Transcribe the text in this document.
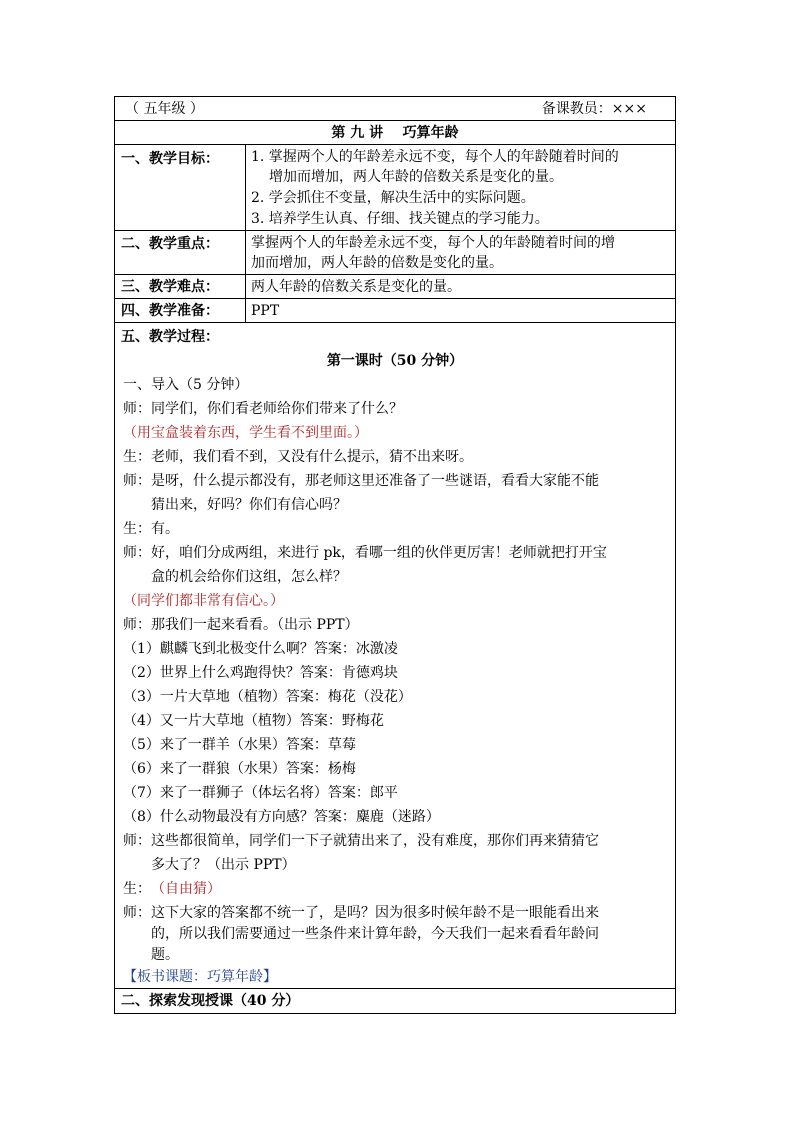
（ 五年级 ）	备课教员：×××
第 九 讲    巧算年龄
一、教学目标： 1. 掌握两个人的年龄差永远不变，每个人的年龄随着时间的
增加而增加，两人年龄的倍数关系是变化的量。
2. 学会抓住不变量，解决生活中的实际问题。
3. 培养学生认真、仔细、找关键点的学习能力。
二、教学重点： 掌握两个人的年龄差永远不变，每个人的年龄随着时间的增
加而增加，两人年龄的倍数是变化的量。
三、教学难点： 两人年龄的倍数关系是变化的量。
四、教学准备： PPT
五、教学过程：
第一课时（50 分钟）
一、导入（5 分钟）
师：同学们，你们看老师给你们带来了什么？
（用宝盒装着东西，学生看不到里面。）
生：老师，我们看不到，又没有什么提示，猜不出来呀。
师：是呀，什么提示都没有，那老师这里还准备了一些谜语，看看大家能不能
猜出来，好吗？你们有信心吗？
生：有。
师：好，咱们分成两组，来进行 pk，看哪一组的伙伴更厉害！老师就把打开宝
盒的机会给你们这组，怎么样？
（同学们都非常有信心。）
师：那我们一起来看看。（出示 PPT）
（1）麒麟飞到北极变什么啊？答案：冰激凌
（2）世界上什么鸡跑得快？答案：肯德鸡块
（3）一片大草地（植物）答案：梅花（没花）
（4）又一片大草地（植物）答案：野梅花
（5）来了一群羊（水果）答案：草莓
（6）来了一群狼（水果）答案：杨梅
（7）来了一群狮子（体坛名将）答案：郎平
（8）什么动物最没有方向感？答案：麋鹿（迷路）
师：这些都很简单，同学们一下子就猜出来了，没有难度，那你们再来猜猜它
多大了？（出示 PPT）
生： （自由猜）
师：这下大家的答案都不统一了，是吗？因为很多时候年龄不是一眼能看出来
的，所以我们需要通过一些条件来计算年龄，今天我们一起来看看年龄问
题。
【板书课题：巧算年龄】
二、探索发现授课（40 分）
